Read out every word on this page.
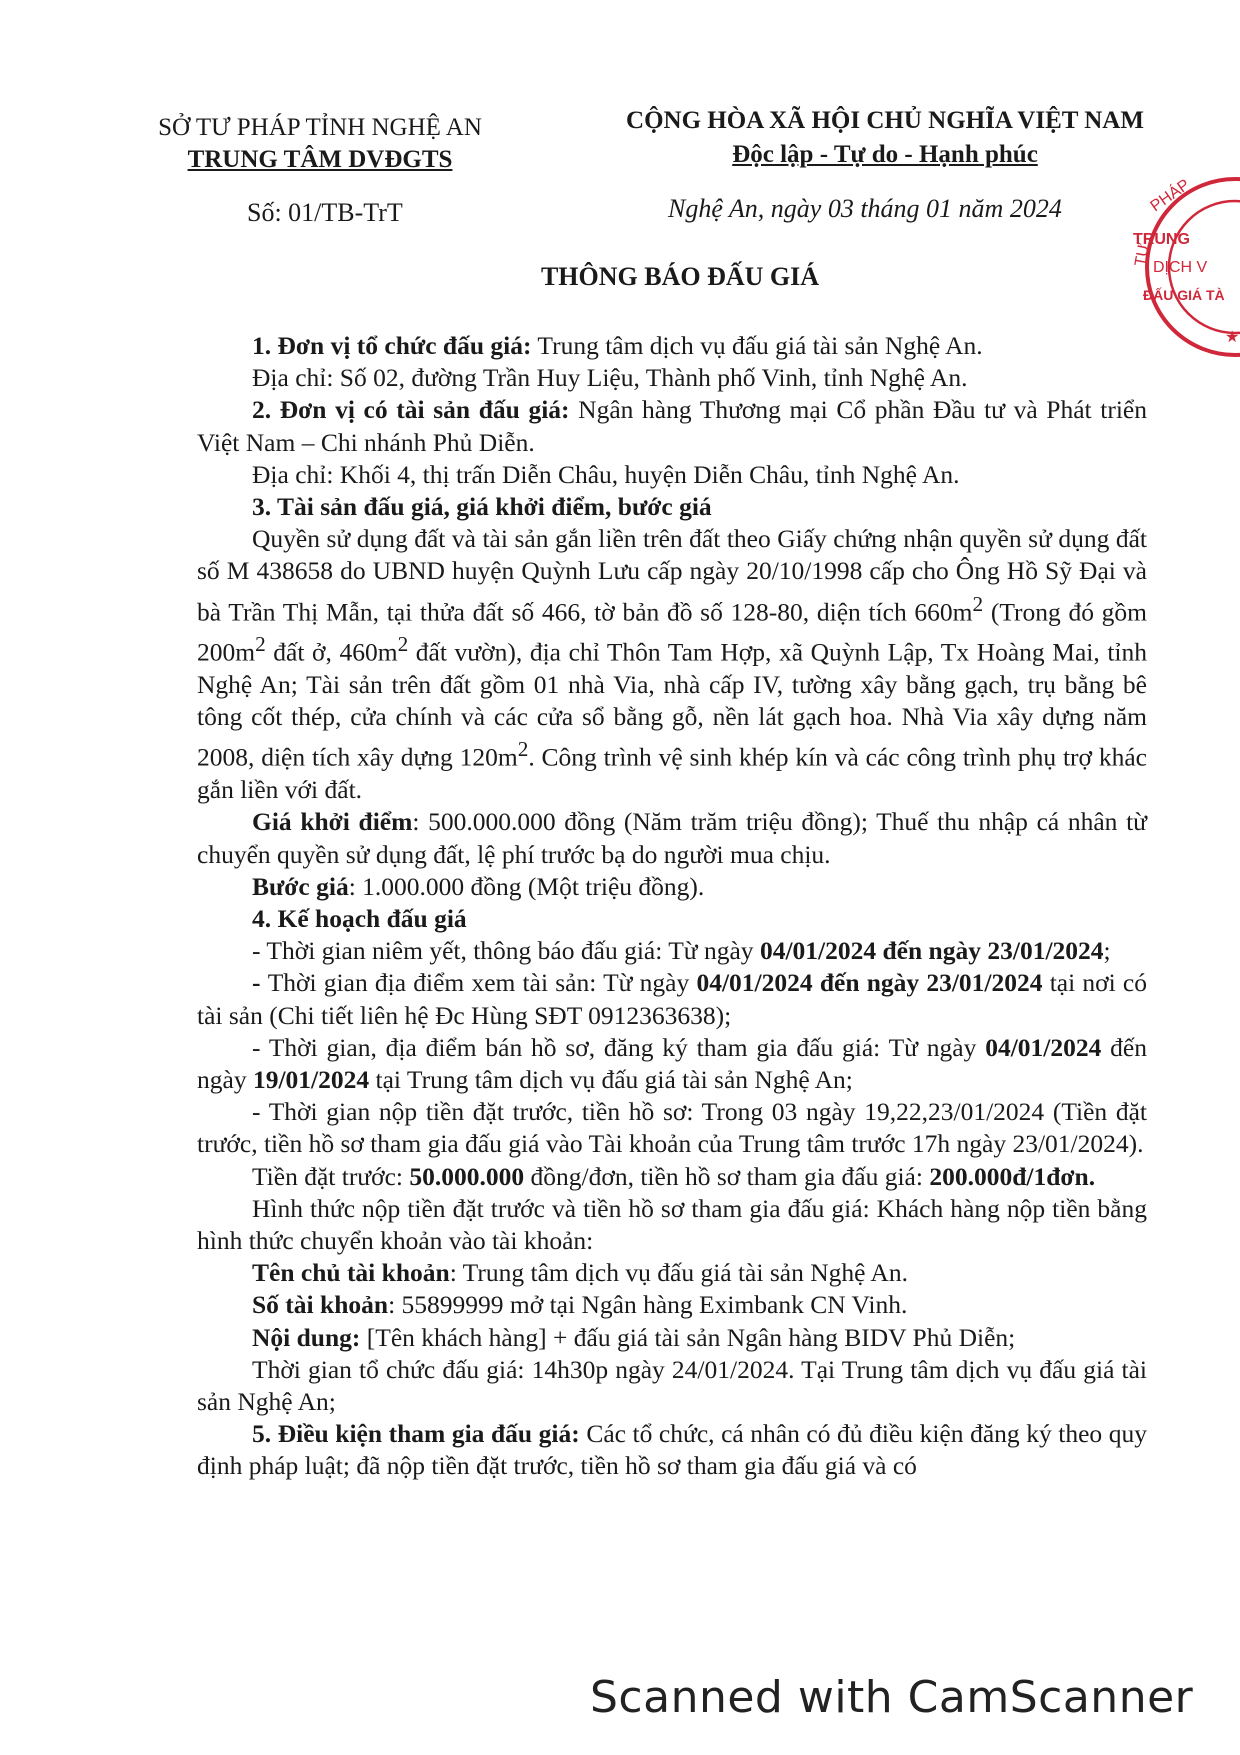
SỞ TƯ PHÁP TỈNH NGHỆ AN
TRUNG TÂM DVĐGTS
CỘNG HÒA XÃ HỘI CHỦ NGHĨA VIỆT NAM
Độc lập - Tự do - Hạnh phúc
Số: 01/TB-TrT	Nghệ An, ngày 03 tháng 01 năm 2024	PHÁP
TƯ
TRUNG
DỊCH V
ĐẤU GIÁ TÀ
★
THÔNG BÁO ĐẤU GIÁ

1. Đơn vị tổ chức đấu giá: Trung tâm dịch vụ đấu giá tài sản Nghệ An.

Địa chỉ: Số 02, đường Trần Huy Liệu, Thành phố Vinh, tỉnh Nghệ An.

2. Đơn vị có tài sản đấu giá: Ngân hàng Thương mại Cổ phần Đầu tư và Phát triển Việt Nam – Chi nhánh Phủ Diễn.

Địa chỉ: Khối 4, thị trấn Diễn Châu, huyện Diễn Châu, tỉnh Nghệ An.

3. Tài sản đấu giá, giá khởi điểm, bước giá

Quyền sử dụng đất và tài sản gắn liền trên đất theo Giấy chứng nhận quyền sử dụng đất số M 438658 do UBND huyện Quỳnh Lưu cấp ngày 20/10/1998 cấp cho Ông Hồ Sỹ Đại và bà Trần Thị Mẫn, tại thửa đất số 466, tờ bản đồ số 128-80, diện tích $660m^2$ (Trong đó gồm $200m^2$ đất ở, $460m^2$ đất vườn), địa chỉ Thôn Tam Hợp, xã Quỳnh Lập, Tx Hoàng Mai, tỉnh Nghệ An; Tài sản trên đất gồm 01 nhà Via, nhà cấp IV, tường xây bằng gạch, trụ bằng bê tông cốt thép, cửa chính và các cửa sổ bằng gỗ, nền lát gạch hoa. Nhà Via xây dựng năm 2008, diện tích xây dựng $120m^2$. Công trình vệ sinh khép kín và các công trình phụ trợ khác gắn liền với đất.

Giá khởi điểm: 500.000.000 đồng (Năm trăm triệu đồng); Thuế thu nhập cá nhân từ chuyển quyền sử dụng đất, lệ phí trước bạ do người mua chịu.

Bước giá: 1.000.000 đồng (Một triệu đồng).

4. Kế hoạch đấu giá

- Thời gian niêm yết, thông báo đấu giá: Từ ngày 04/01/2024 đến ngày 23/01/2024;

- Thời gian địa điểm xem tài sản: Từ ngày 04/01/2024 đến ngày 23/01/2024 tại nơi có tài sản (Chi tiết liên hệ Đc Hùng SĐT 0912363638);

- Thời gian, địa điểm bán hồ sơ, đăng ký tham gia đấu giá: Từ ngày 04/01/2024 đến ngày 19/01/2024 tại Trung tâm dịch vụ đấu giá tài sản Nghệ An;

- Thời gian nộp tiền đặt trước, tiền hồ sơ: Trong 03 ngày 19,22,23/01/2024 (Tiền đặt trước, tiền hồ sơ tham gia đấu giá vào Tài khoản của Trung tâm trước 17h ngày 23/01/2024).

Tiền đặt trước: 50.000.000 đồng/đơn, tiền hồ sơ tham gia đấu giá: 200.000đ/1đơn.

Hình thức nộp tiền đặt trước và tiền hồ sơ tham gia đấu giá: Khách hàng nộp tiền bằng hình thức chuyển khoản vào tài khoản:

Tên chủ tài khoản: Trung tâm dịch vụ đấu giá tài sản Nghệ An.

Số tài khoản: 55899999 mở tại Ngân hàng Eximbank CN Vinh.

Nội dung: [Tên khách hàng] + đấu giá tài sản Ngân hàng BIDV Phủ Diễn;

Thời gian tổ chức đấu giá: 14h30p ngày 24/01/2024. Tại Trung tâm dịch vụ đấu giá tài sản Nghệ An;

5. Điều kiện tham gia đấu giá: Các tổ chức, cá nhân có đủ điều kiện đăng ký theo quy định pháp luật; đã nộp tiền đặt trước, tiền hồ sơ tham gia đấu giá và có

Scanned with CamScanner
